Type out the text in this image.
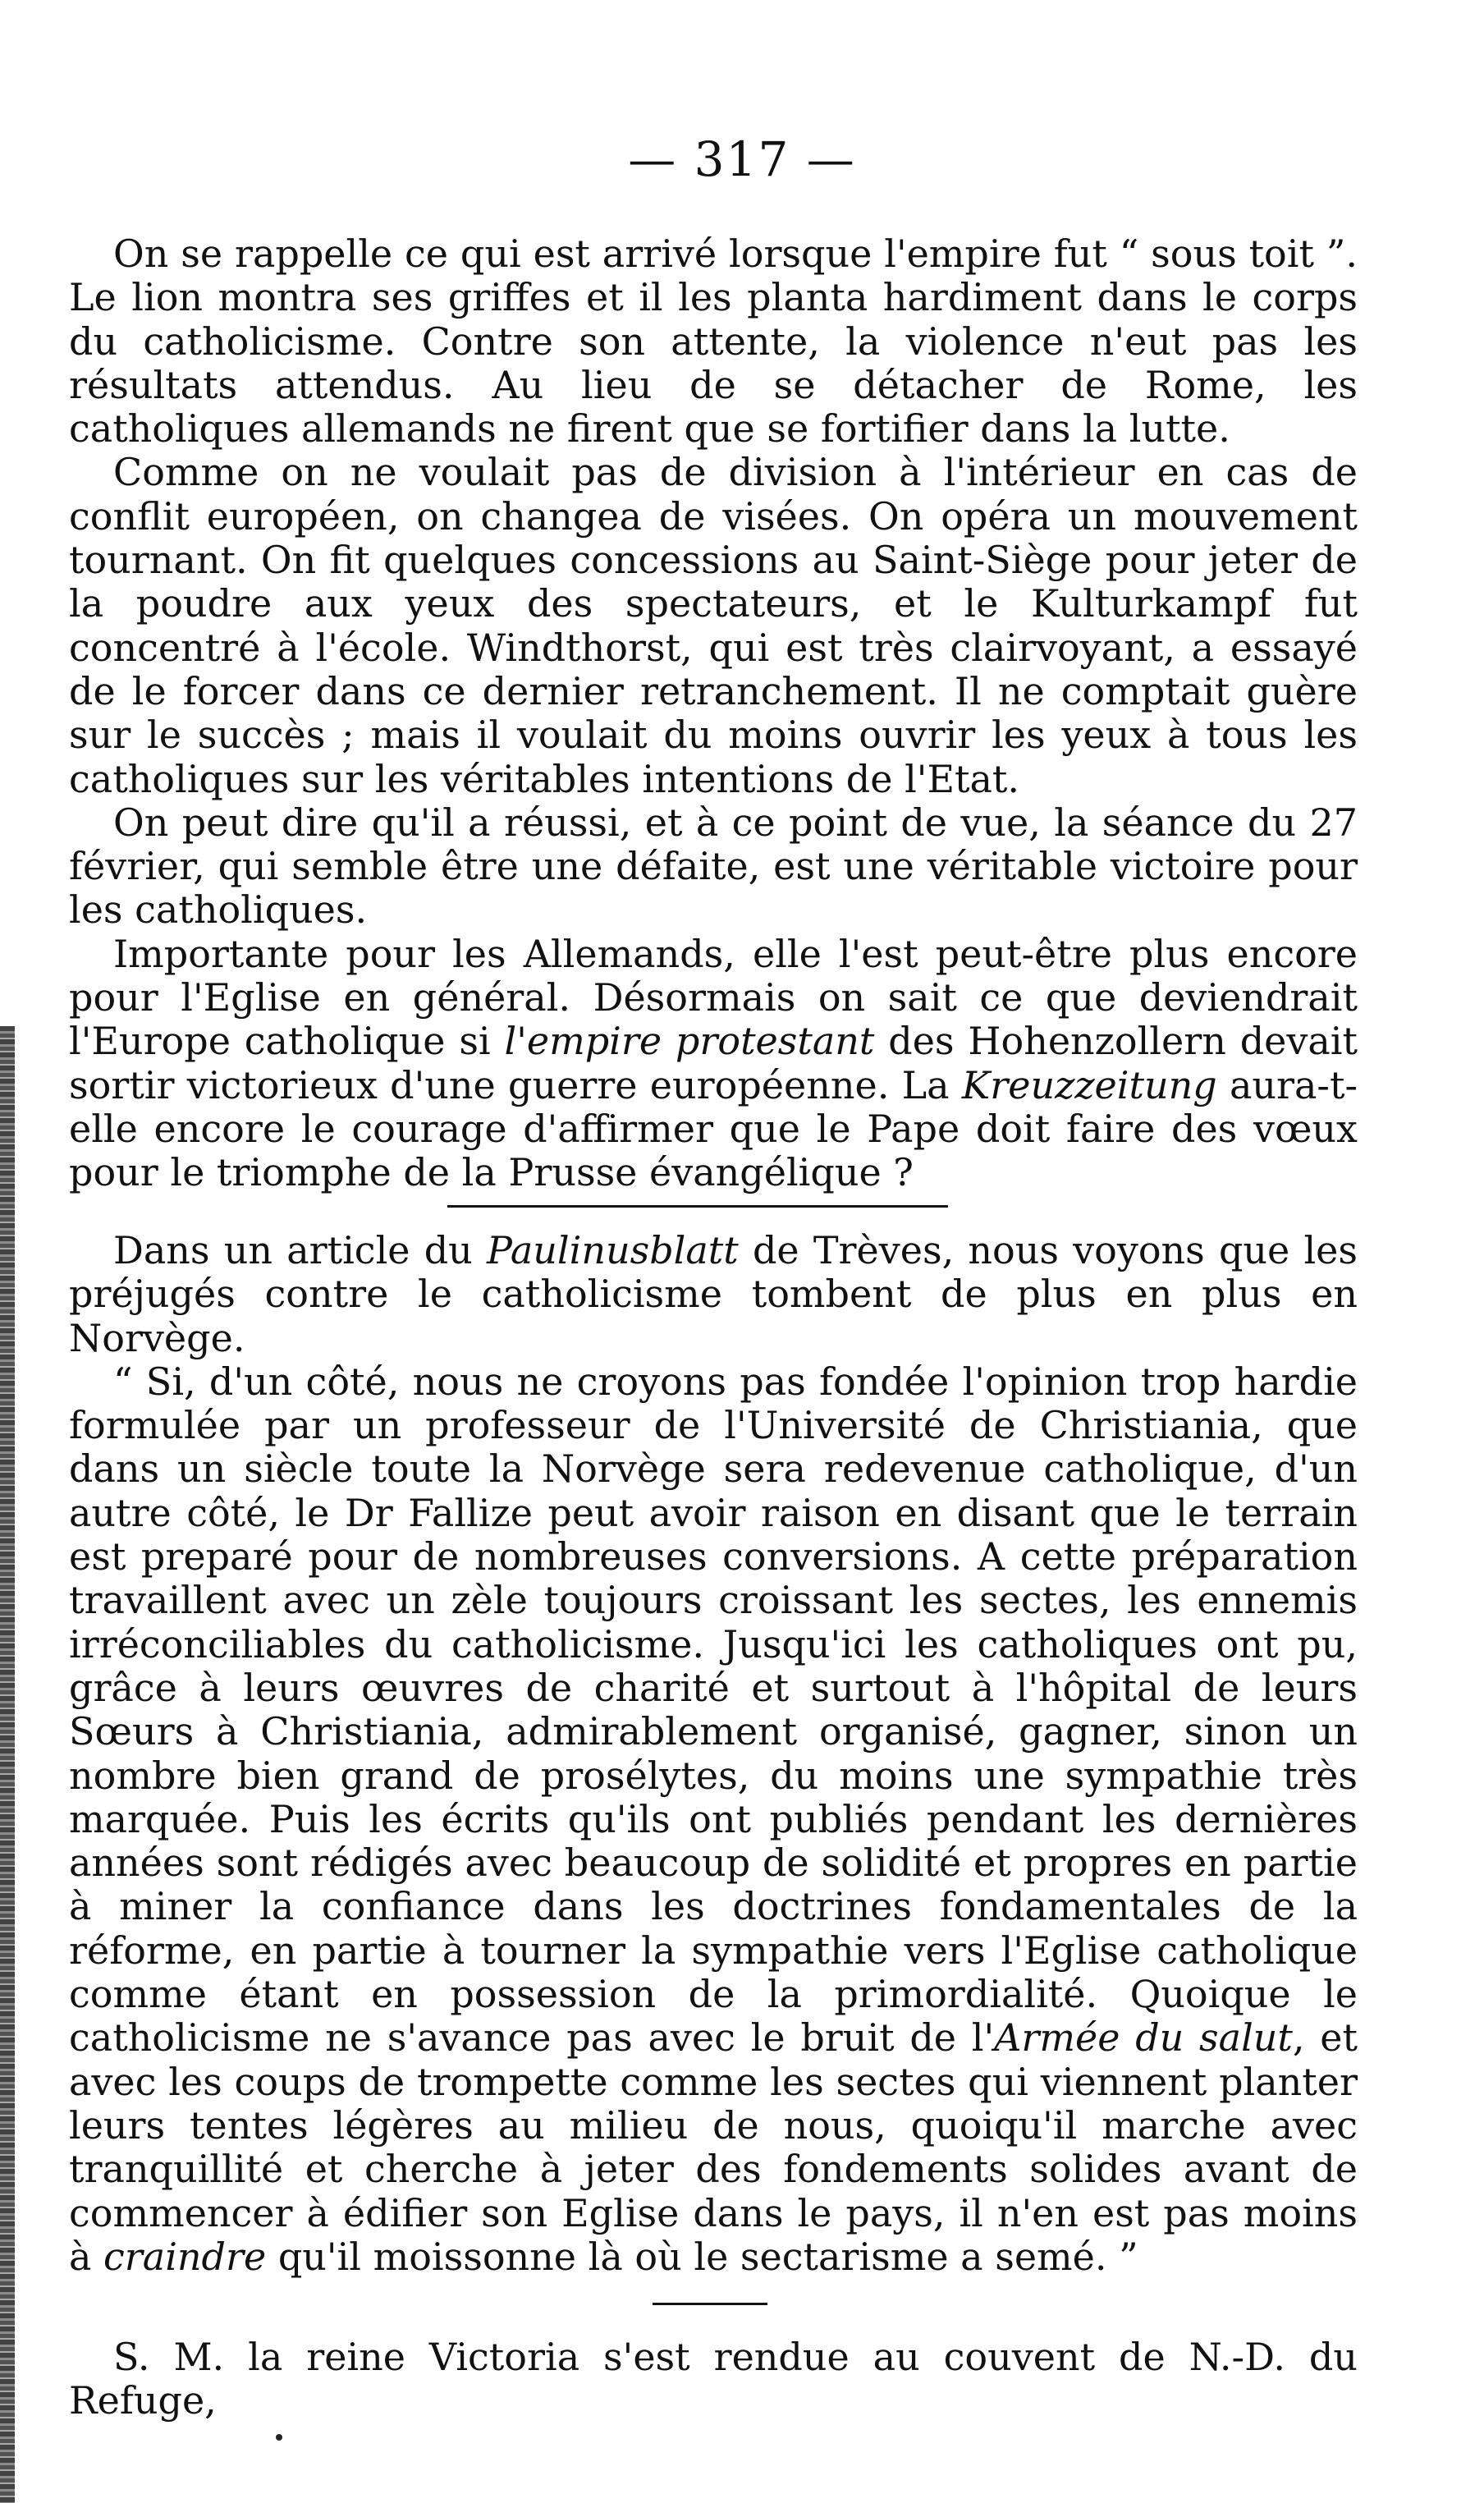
— 317 —

On se rappelle ce qui est arrivé lorsque l'empire fut “ sous toit ”. Le lion montra ses griffes et il les planta hardiment dans le corps du catholicisme. Contre son attente, la violence n'eut pas les résultats attendus. Au lieu de se détacher de Rome, les catholiques allemands ne firent que se fortifier dans la lutte.

Comme on ne voulait pas de division à l'intérieur en cas de conflit européen, on changea de visées. On opéra un mouvement tournant. On fit quelques concessions au Saint-Siège pour jeter de la poudre aux yeux des spectateurs, et le Kulturkampf fut concentré à l'école. Windthorst, qui est très clairvoyant, a essayé de le forcer dans ce dernier retranchement. Il ne comptait guère sur le succès ; mais il voulait du moins ouvrir les yeux à tous les catholiques sur les véritables intentions de l'Etat.

On peut dire qu'il a réussi, et à ce point de vue, la séance du 27 février, qui semble être une défaite, est une véritable victoire pour les catholiques.

Importante pour les Allemands, elle l'est peut-être plus encore pour l'Eglise en général. Désormais on sait ce que deviendrait l'Europe catholique si l'empire protestant des Hohenzollern devait sortir victorieux d'une guerre européenne. La Kreuzzeitung aura-t-elle encore le courage d'affirmer que le Pape doit faire des vœux pour le triomphe de la Prusse évangélique ?

Dans un article du Paulinusblatt de Trèves, nous voyons que les préjugés contre le catholicisme tombent de plus en plus en Norvège.

“ Si, d'un côté, nous ne croyons pas fondée l'opinion trop hardie formulée par un professeur de l'Université de Christiania, que dans un siècle toute la Norvège sera redevenue catholique, d'un autre côté, le Dr Fallize peut avoir raison en disant que le terrain est preparé pour de nombreuses conversions. A cette préparation travaillent avec un zèle toujours croissant les sectes, les ennemis irréconciliables du catholicisme. Jusqu'ici les catholiques ont pu, grâce à leurs œuvres de charité et surtout à l'hôpital de leurs Sœurs à Christiania, admirablement organisé, gagner, sinon un nombre bien grand de prosélytes, du moins une sympathie très marquée. Puis les écrits qu'ils ont publiés pendant les dernières années sont rédigés avec beaucoup de solidité et propres en partie à miner la confiance dans les doctrines fondamentales de la réforme, en partie à tourner la sympathie vers l'Eglise catholique comme étant en possession de la primordialité. Quoique le catholicisme ne s'avance pas avec le bruit de l'Armée du salut, et avec les coups de trompette comme les sectes qui viennent planter leurs tentes légères au milieu de nous, quoiqu'il marche avec tranquillité et cherche à jeter des fondements solides avant de commencer à édifier son Eglise dans le pays, il n'en est pas moins à craindre qu'il moissonne là où le sectarisme a semé. ”

S. M. la reine Victoria s'est rendue au couvent de N.-D. du Refuge,
